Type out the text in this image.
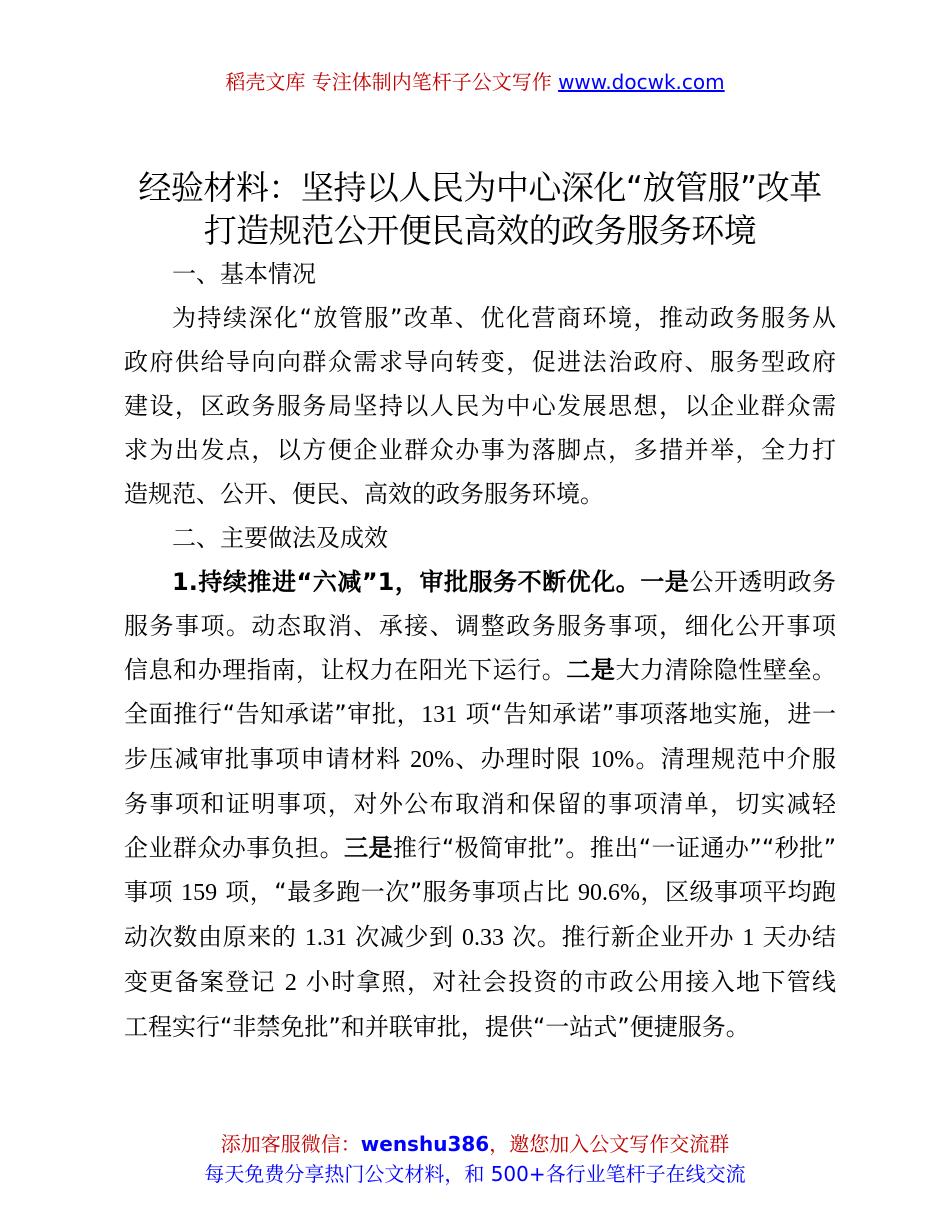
稻壳文库 专注体制内笔杆子公文写作 www.docwk.com
经验材料：坚持以人民为中心深化“放管服”改革
打造规范公开便民高效的政务服务环境

一、基本情况

为持续深化“放管服”改革、优化营商环境，推动政务服务从
政府供给导向向群众需求导向转变，促进法治政府、服务型政府
建设，区政务服务局坚持以人民为中心发展思想，以企业群众需
求为出发点，以方便企业群众办事为落脚点，多措并举，全力打
造规范、公开、便民、高效的政务服务环境。

二、主要做法及成效

1.持续推进“六减”1，审批服务不断优化。一是公开透明政务
服务事项。动态取消、承接、调整政务服务事项，细化公开事项
信息和办理指南，让权力在阳光下运行。二是大力清除隐性壁垒。
全面推行“告知承诺”审批，131 项“告知承诺”事项落地实施，进一
步压减审批事项申请材料 20%、办理时限 10%。清理规范中介服
务事项和证明事项，对外公布取消和保留的事项清单，切实减轻
企业群众办事负担。三是推行“极简审批”。推出“一证通办”“秒批”
事项 159 项，“最多跑一次”服务事项占比 90.6%，区级事项平均跑
动次数由原来的 1.31 次减少到 0.33 次。推行新企业开办 1 天办结
变更备案登记 2 小时拿照，对社会投资的市政公用接入地下管线
工程实行“非禁免批”和并联审批，提供“一站式”便捷服务。

添加客服微信：wenshu386，邀您加入公文写作交流群
每天免费分享热门公文材料，和 500+各行业笔杆子在线交流
